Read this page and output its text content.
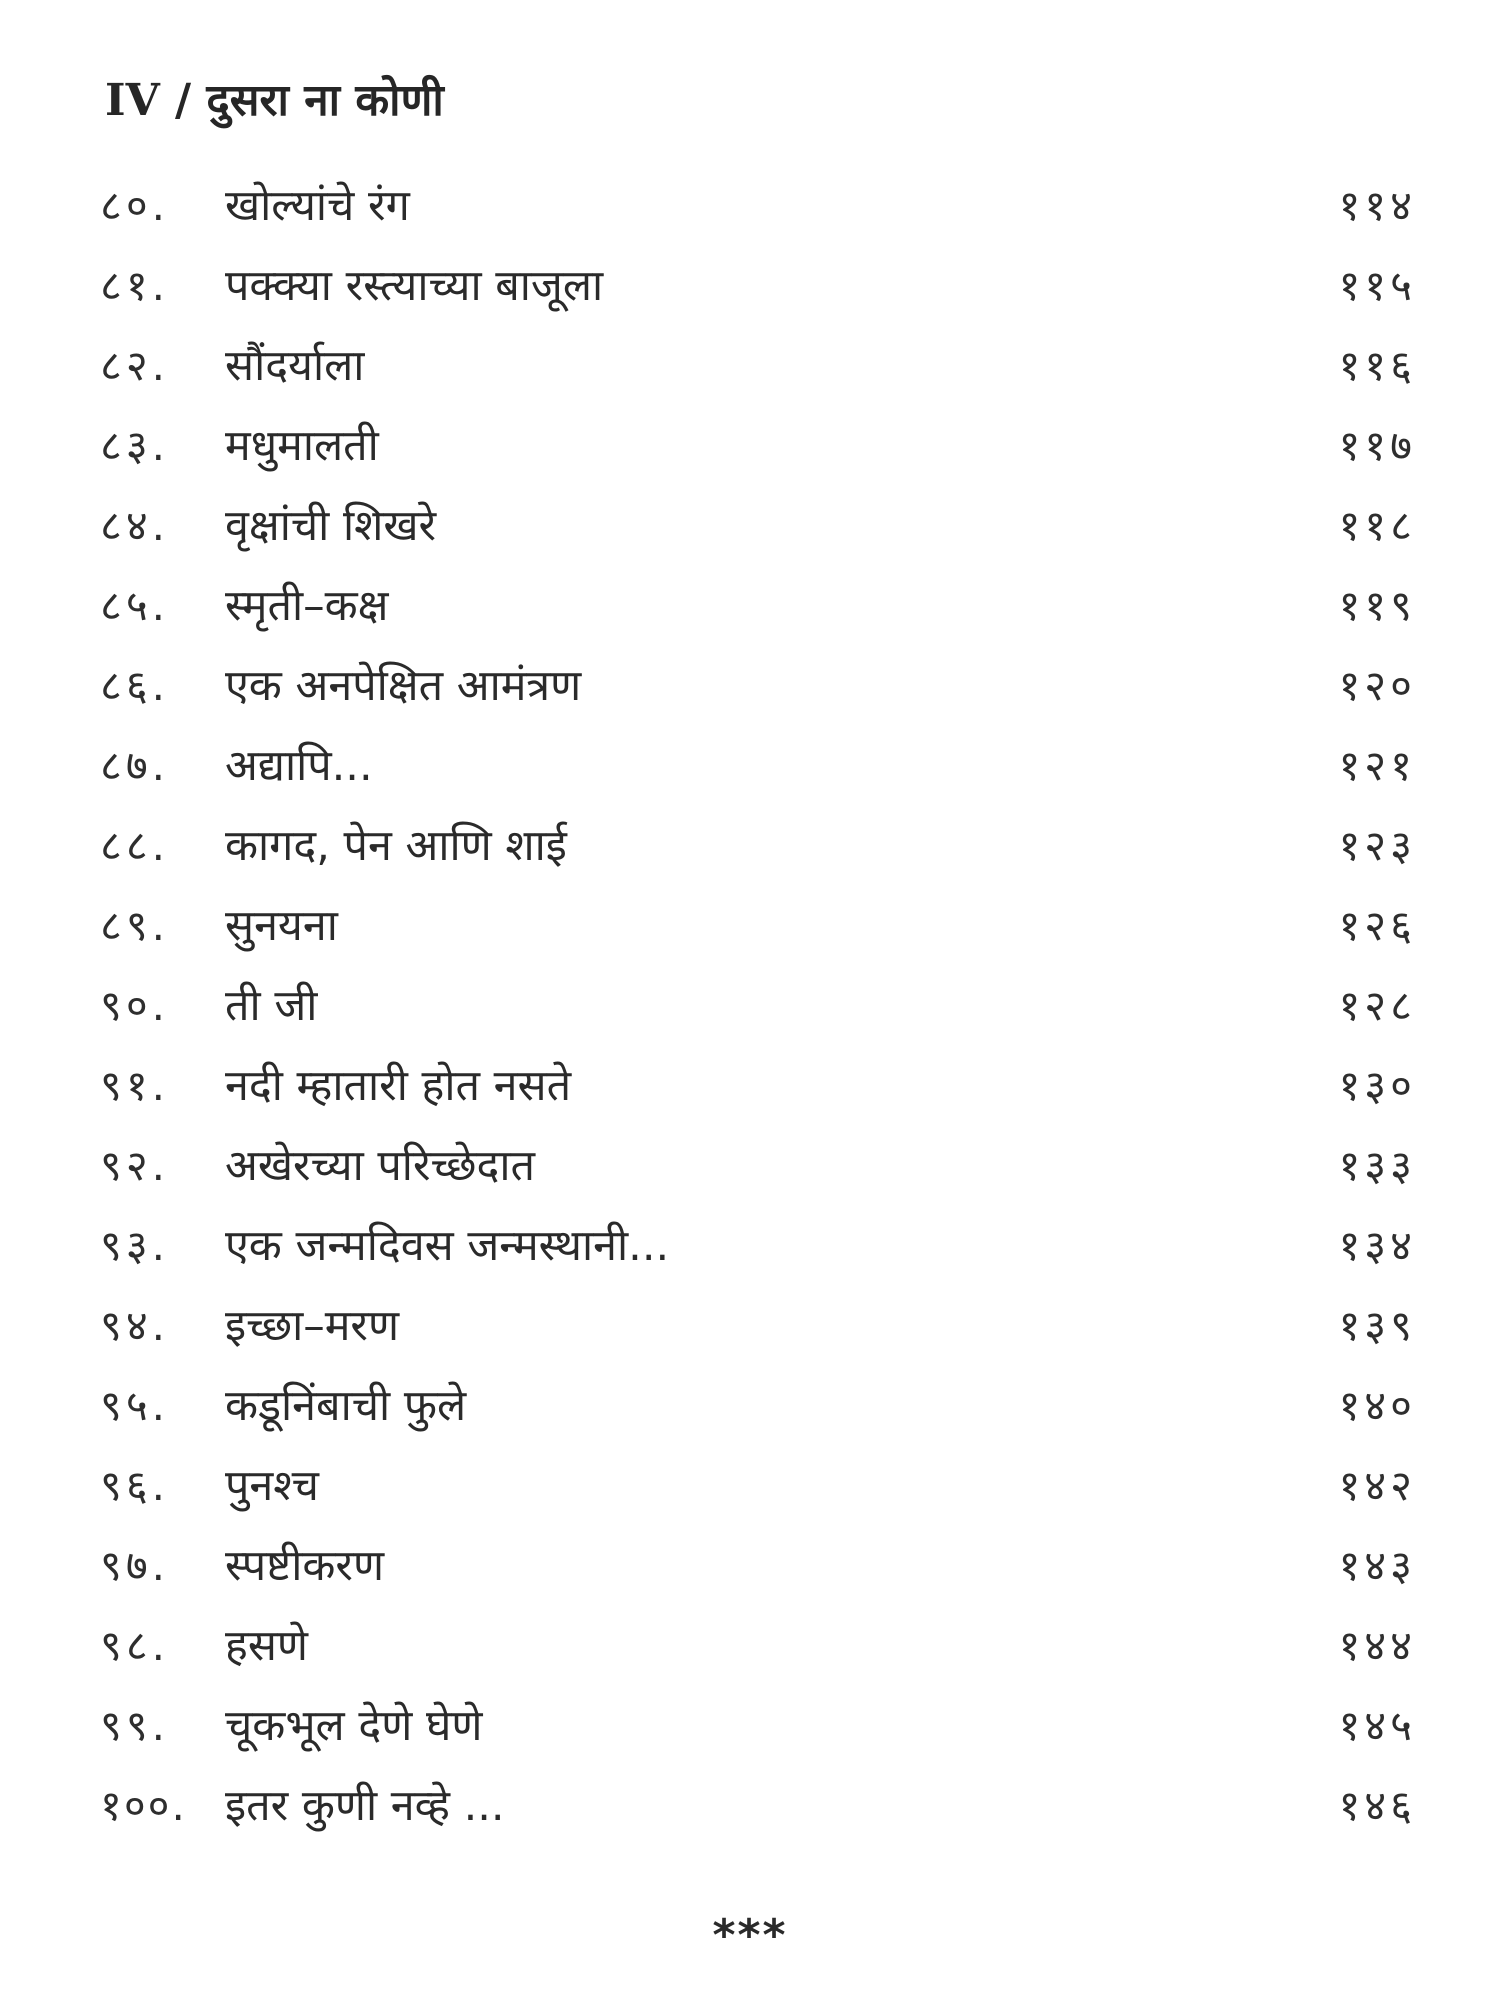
IV / दुसरा ना कोणी
८०. खोल्यांचे रंग	११४
८१. पक्क्या रस्त्याच्या बाजूला	११५
८२. सौंदर्याला	११६
८३. मधुमालती	११७
८४. वृक्षांची शिखरे	११८
८५. स्मृती–कक्ष	११९
८६. एक अनपेक्षित आमंत्रण	१२०
८७. अद्यापि...	१२१
८८. कागद, पेन आणि शाई	१२३
८९. सुनयना	१२६
९०. ती जी	१२८
९१. नदी म्हातारी होत नसते	१३०
९२. अखेरच्या परिच्छेदात	१३३
९३. एक जन्मदिवस जन्मस्थानी...	१३४
९४. इच्छा–मरण	१३९
९५. कडूनिंबाची फुले	१४०
९६. पुनश्च	१४२
९७. स्पष्टीकरण	१४३
९८. हसणे	१४४
९९. चूकभूल देणे घेणे	१४५
१००. इतर कुणी नव्हे ...	१४६
***
